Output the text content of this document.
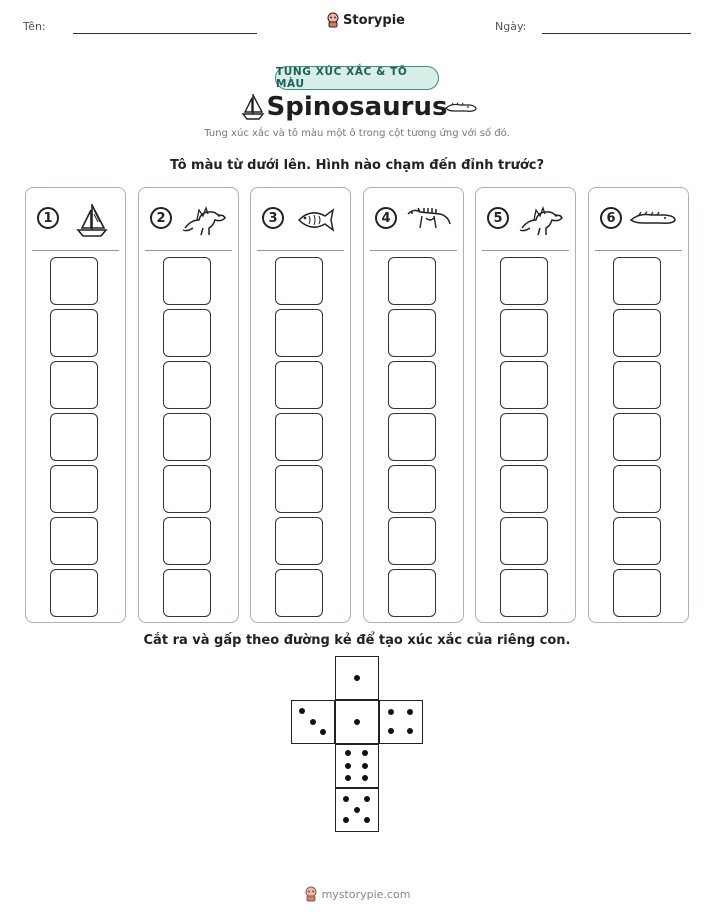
Tên:	Storypie	Ngày:
TUNG XÚC XẮC & TÔ MÀU
Spinosaurus
Tung xúc xắc và tô màu một ô trong cột tương ứng với số đó.
Tô màu từ dưới lên. Hình nào chạm đến đỉnh trước?
1	2	3	4	5	6
Cắt ra và gấp theo đường kẻ để tạo xúc xắc của riêng con.
mystorypie.com
